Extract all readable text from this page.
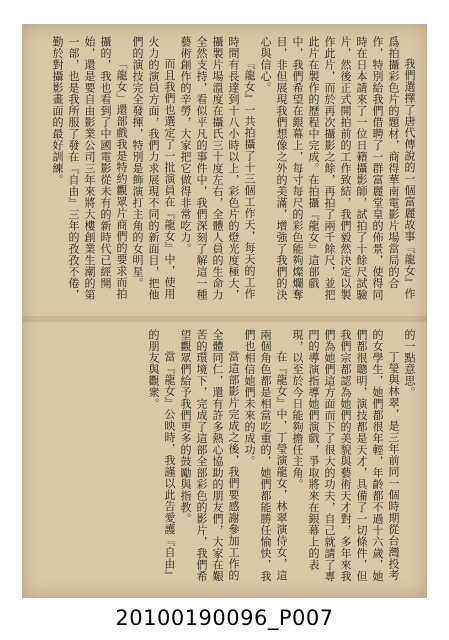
我們選擇了唐代傳說的一個富麗故事『龍女』作爲拍攝彩色片的題材，商得華南電影片場當局的合作，特別給我們借聘了一群富麗堂皇的佈景，使得同時在日本請來了一位日籍攝影師，試拍了十餘尺試驗片，然後正式開拍前的工作致結，我們毅然決定以製作此片，而於再次攝影之餘，再拍了兩千餘尺，並把此片在製作的歷程中完成。在拍攝『龍女』這部戲中，我們希望在銀幕上，每寸每尺的彩色能夠燦爛奪目，非但展現我們想像之外的美滿，增強了我們的決心與信心。

『龍女』一共拍攝了十三個工作天，每天的工作時間有長達到十八小時以上，彩色片的燈光度極大，攝製片場溫度在攝氏三十度左右，全體人員的生命力全然支持，看似平凡的事件中，我們深刻了解這一種藝術創作的辛勞，大家把它做得非常吃力。

而且我們也選定了一批演員在『龍女』中，使用火力的演員方面，我們力求展現不同的新面目，把他們的演技完全發揮，特別是飾演打主角的女明星。

「龍女」還部戲我是特約觀眾片商們的要求而拍攝的，我也看到了中國電影從未有的新時代已經開始，還是要自由影業公司三年來將大樓創業生潮的第一部，也是我所服了發在『自由』三年的孜孜不倦，勤於對攝影畫面的最好訓練。

的一點意思。

丁瑩與林翠，是三年前同一個時期從台灣投考的女學生，她們都很年輕，年齡都不過十六歲，她們都很聰明，演技都是天才，具備了一切條件，但我們宗都認為她們的美貌與藝術天才對，多年來我們為她們這方面而下了很大的功夫，自己就請了專門的導演指導她們演戲，爭取將來在銀幕上的表現，以至於今日能夠擔任主角。

在『龍女』中，丁瑩演龍女，林翠演侍女，這兩個角色都是相當吃重的，她們都能勝任愉快，我們也相信她們未來的成功。

當這部影片完成之後，我們要感謝參加工作的全體同仁，還有許多熱心協助的朋友們，大家在艱苦的環境下，完成了這部全部彩色的影片，我們希望觀眾們給予我們更多的鼓勵與指教。

當『龍女』公映時，我謹以此告愛護『自由』的朋友與觀衆。

20100190096_P007
